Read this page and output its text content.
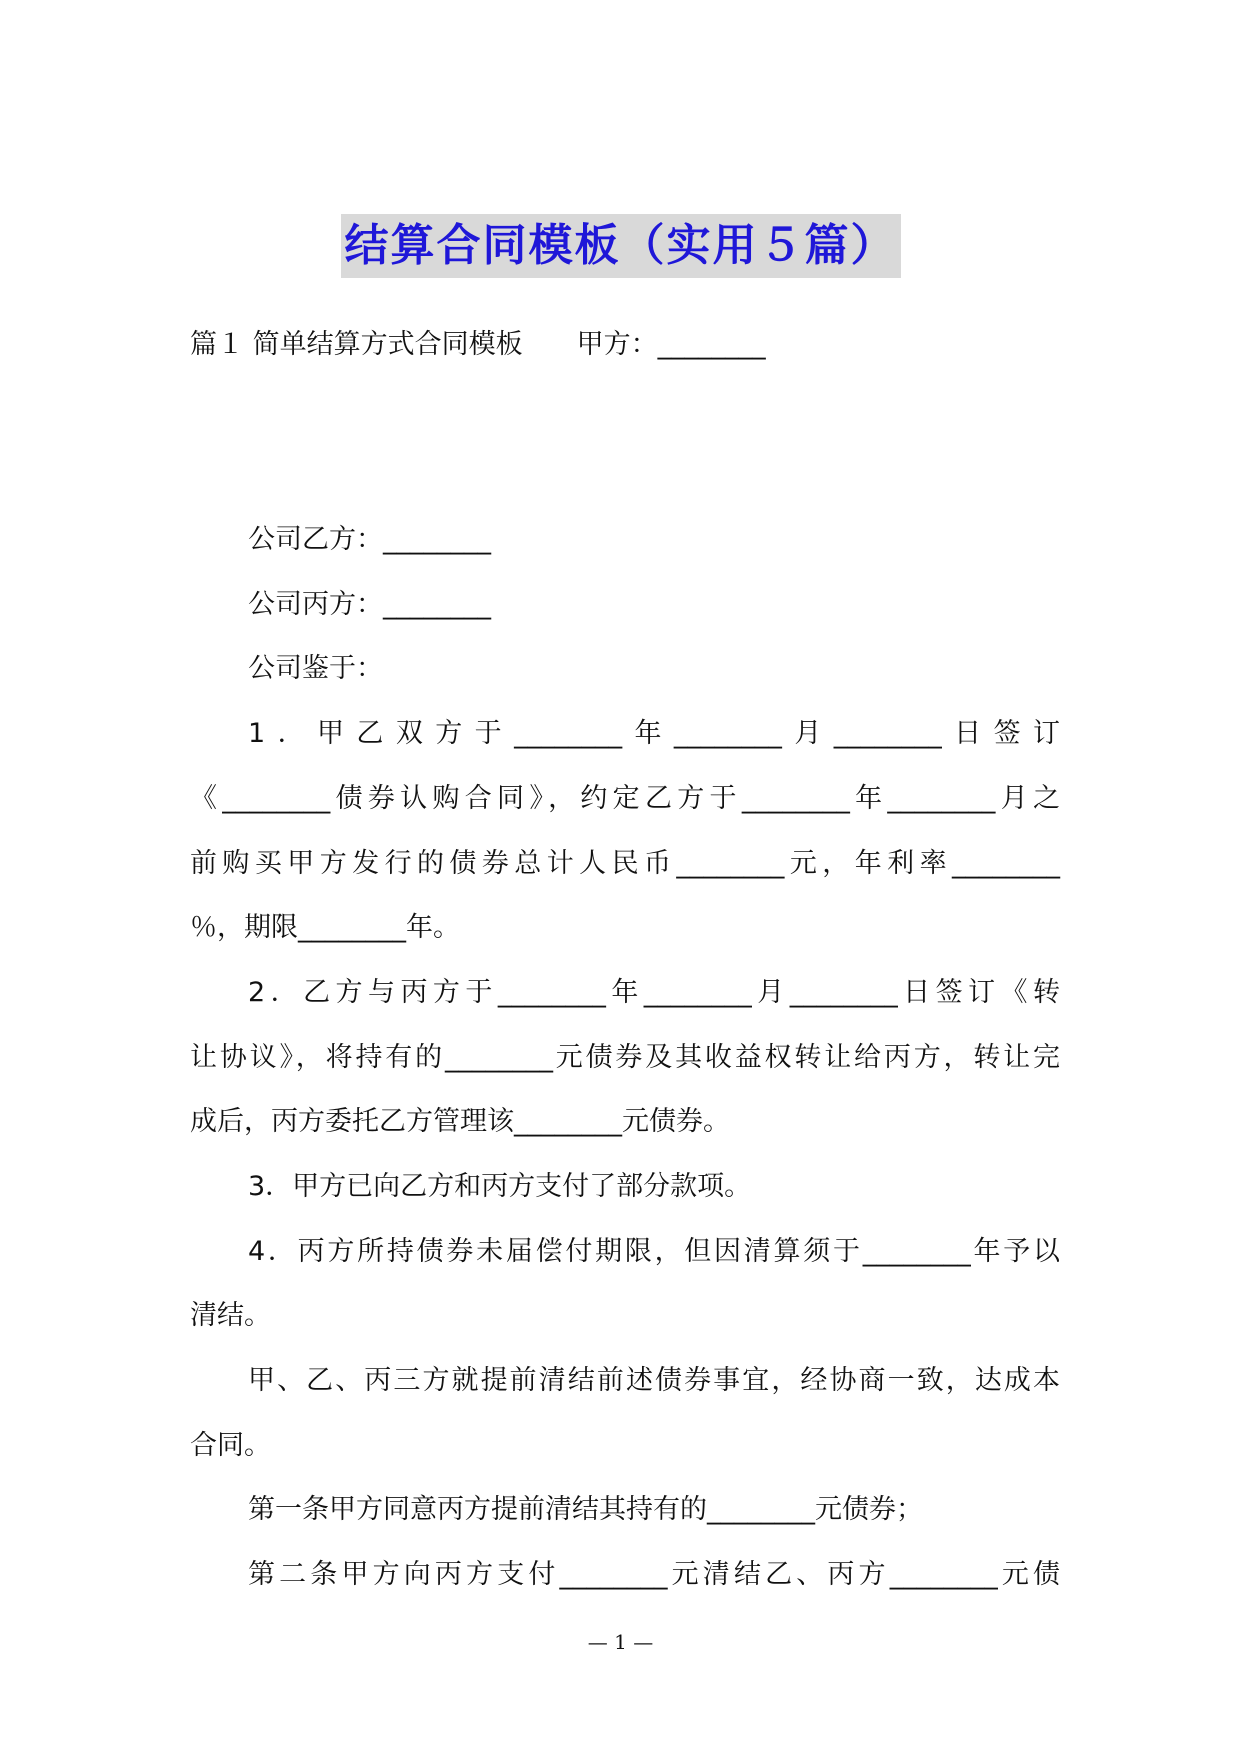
结算合同模板（实用５篇）
篇１ 简单结算方式合同模板　　甲方：________
公司乙方：________
公司丙方：________
公司鉴于：
1．甲乙双方于________年________月________日签订
《________债券认购合同》，约定乙方于________年________月之
前购买甲方发行的债券总计人民币________元，年利率________
％，期限________年。
2．乙方与丙方于________年________月________日签订《转
让协议》，将持有的________元债券及其收益权转让给丙方，转让完
成后，丙方委托乙方管理该________元债券。
3．甲方已向乙方和丙方支付了部分款项。
4．丙方所持债券未届偿付期限，但因清算须于________年予以
清结。
甲、乙、丙三方就提前清结前述债券事宜，经协商一致，达成本
合同。
第一条甲方同意丙方提前清结其持有的________元债券；
第二条甲方向丙方支付________元清结乙、丙方________元债
— 1 —
